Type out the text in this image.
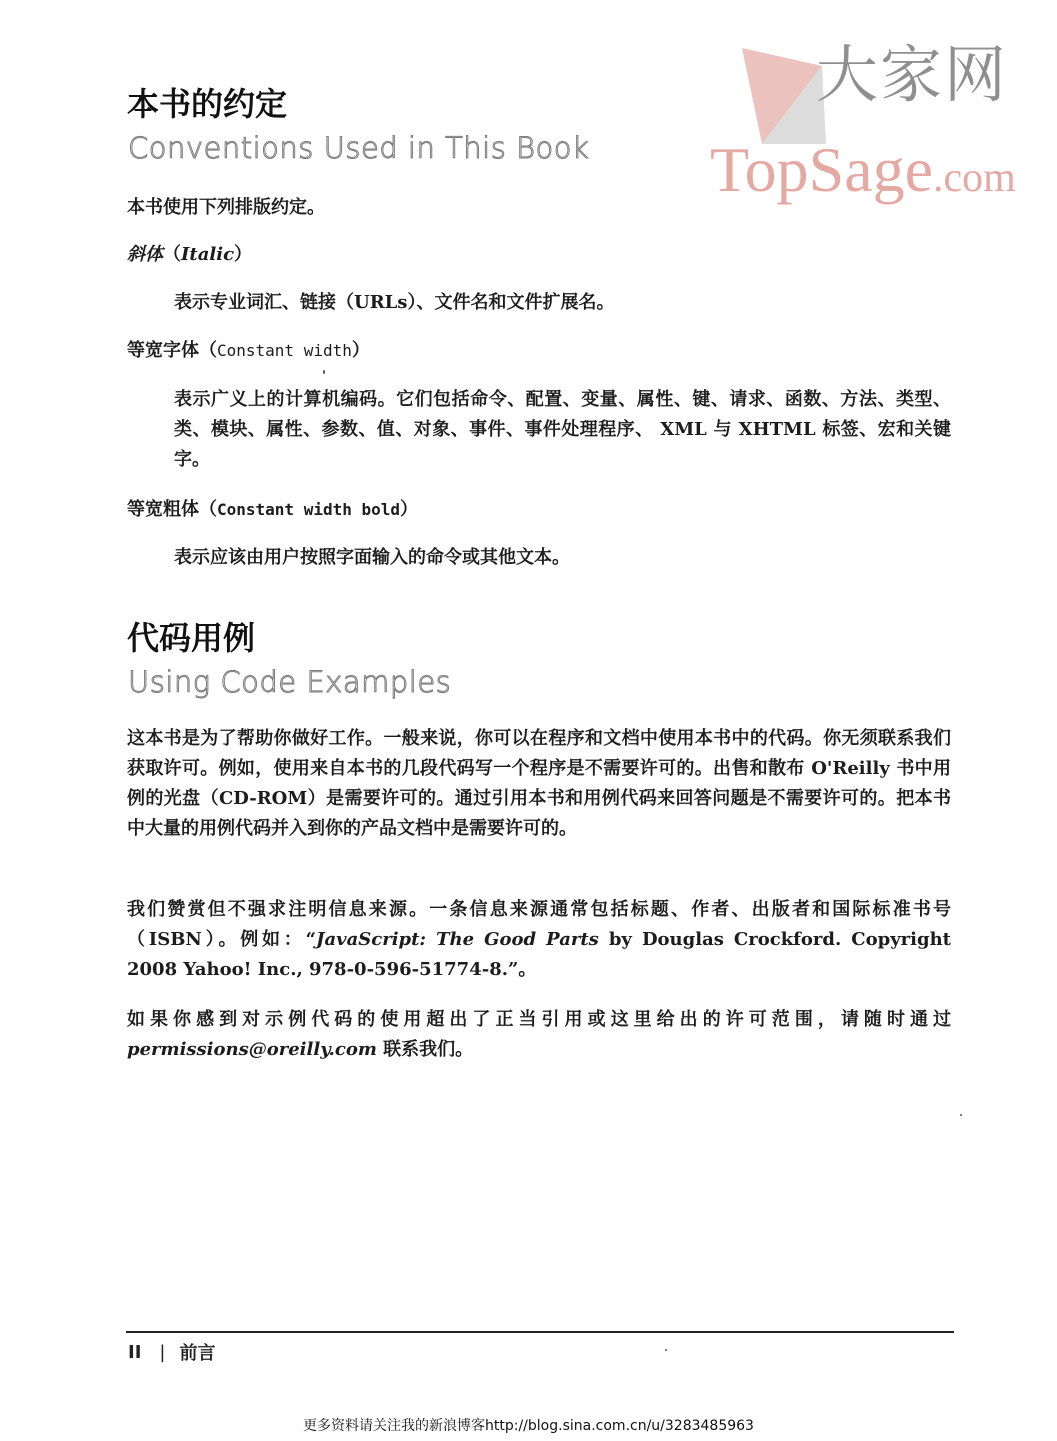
大家网
TopSage.com
本书的约定
Conventions Used in This Book

本书使用下列排版约定。

斜体（Italic）

表示专业词汇、链接（URLs）、文件名和文件扩展名。

等宽字体（Constant width）

表示广义上的计算机编码。它们包括命令、配置、变量、属性、键、请求、函数、方法、类型、类、模块、属性、参数、值、对象、事件、事件处理程序、 XML 与 XHTML 标签、宏和关键字。

等宽粗体（Constant width bold）

表示应该由用户按照字面输入的命令或其他文本。

代码用例
Using Code Examples

这本书是为了帮助你做好工作。一般来说，你可以在程序和文档中使用本书中的代码。你无须联系我们获取许可。例如，使用来自本书的几段代码写一个程序是不需要许可的。出售和散布 O'Reilly 书中用例的光盘（CD-ROM）是需要许可的。通过引用本书和用例代码来回答问题是不需要许可的。把本书中大量的用例代码并入到你的产品文档中是需要许可的。

我们赞赏但不强求注明信息来源。一条信息来源通常包括标题、作者、出版者和国际标准书号（ISBN）。例如：“JavaScript: The Good Parts by Douglas Crockford. Copyright 2008 Yahoo! Inc., 978-0-596-51774-8.”。

如果你感到对示例代码的使用超出了正当引用或这里给出的许可范围，请随时通过permissions@oreilly.com 联系我们。

II | 前言
更多资料请关注我的新浪博客http://blog.sina.com.cn/u/3283485963
